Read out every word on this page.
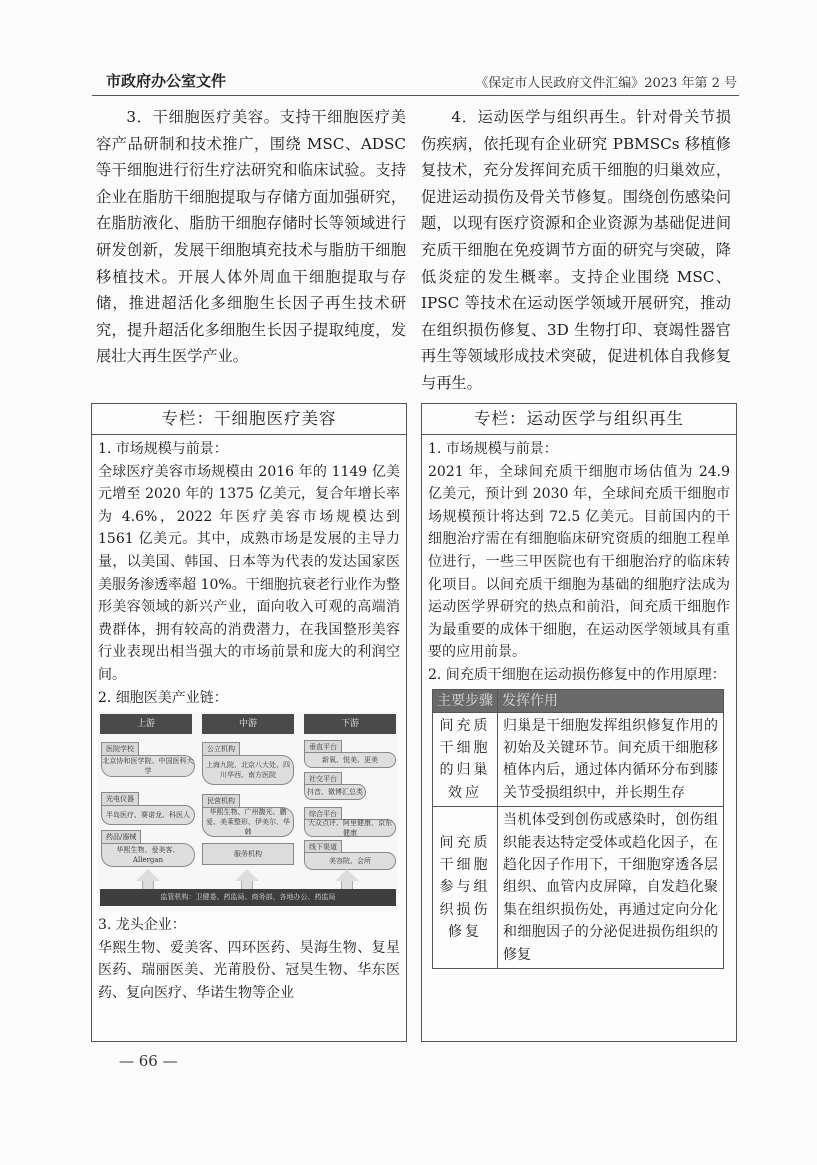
市政府办公室文件	《保定市人民政府文件汇编》2023 年第 2 号

3．干细胞医疗美容。支持干细胞医疗美容产品研制和技术推广，围绕 MSC、ADSC 等干细胞进行衍生疗法研究和临床试验。支持企业在脂肪干细胞提取与存储方面加强研究，在脂肪液化、脂肪干细胞存储时长等领域进行研发创新，发展干细胞填充技术与脂肪干细胞移植技术。开展人体外周血干细胞提取与存储，推进超活化多细胞生长因子再生技术研究，提升超活化多细胞生长因子提取纯度，发展壮大再生医学产业。

4．运动医学与组织再生。针对骨关节损伤疾病，依托现有企业研究 PBMSCs 移植修复技术，充分发挥间充质干细胞的归巢效应，促进运动损伤及骨关节修复。围绕创伤感染问题，以现有医疗资源和企业资源为基础促进间充质干细胞在免疫调节方面的研究与突破，降低炎症的发生概率。支持企业围绕 MSC、IPSC 等技术在运动医学领域开展研究，推动在组织损伤修复、3D 生物打印、衰竭性器官再生等领域形成技术突破，促进机体自我修复与再生。

专栏：干细胞医疗美容
1. 市场规模与前景：
全球医疗美容市场规模由 2016 年的 1149 亿美元增至 2020 年的 1375 亿美元，复合年增长率为 4.6%，2022 年医疗美容市场规模达到 1561 亿美元。其中，成熟市场是发展的主导力量，以美国、韩国、日本等为代表的发达国家医美服务渗透率超 10%。干细胞抗衰老行业作为整形美容领域的新兴产业，面向收入可观的高端消费群体，拥有较高的消费潜力，在我国整形美容行业表现出相当强大的市场前景和庞大的利润空间。
2. 细胞医美产业链：
上游	中游	下游
医院学校
北京协和医学院、中国医科大学
光电仪器
半岛医疗、赛诺龙、科医人
药品/器械
华熙生物、爱美客、Allergan
公立机构
上海九院、北京八大处、四川华西、南方医院
民营机构
华熙生物、广州馥光、鹏爱、美莱整形、伊美尔、华韩
服务机构
垂直平台
新氧、悦美、更美
社交平台
抖音、微博汇总类
综合平台
大众点评、阿里健康、京东健康
线下渠道
美容院、会所
监管机构：卫健委、药监局、商务部、各地办公、药监局
3. 龙头企业：
华熙生物、爱美客、四环医药、昊海生物、复星医药、瑞丽医美、光莆股份、冠昊生物、华东医药、复向医疗、华诺生物等企业
专栏：运动医学与组织再生
1. 市场规模与前景：
2021 年，全球间充质干细胞市场估值为 24.9 亿美元，预计到 2030 年，全球间充质干细胞市场规模预计将达到 72.5 亿美元。目前国内的干细胞治疗需在有细胞临床研究资质的细胞工程单位进行，一些三甲医院也有干细胞治疗的临床转化项目。以间充质干细胞为基础的细胞疗法成为运动医学界研究的热点和前沿，间充质干细胞作为最重要的成体干细胞，在运动医学领域具有重要的应用前景。
2. 间充质干细胞在运动损伤修复中的作用原理：
主要步骤	发挥作用
间充质干细胞的归巢效应	归巢是干细胞发挥组织修复作用的初始及关键环节。间充质干细胞移植体内后，通过体内循环分布到膝关节受损组织中，并长期生存
间充质干细胞参与组织损伤修复	当机体受到创伤或感染时，创伤组织能表达特定受体或趋化因子，在趋化因子作用下，干细胞穿透各层组织、血管内皮屏障，自发趋化聚集在组织损伤处，再通过定向分化和细胞因子的分泌促进损伤组织的修复
— 66 —
